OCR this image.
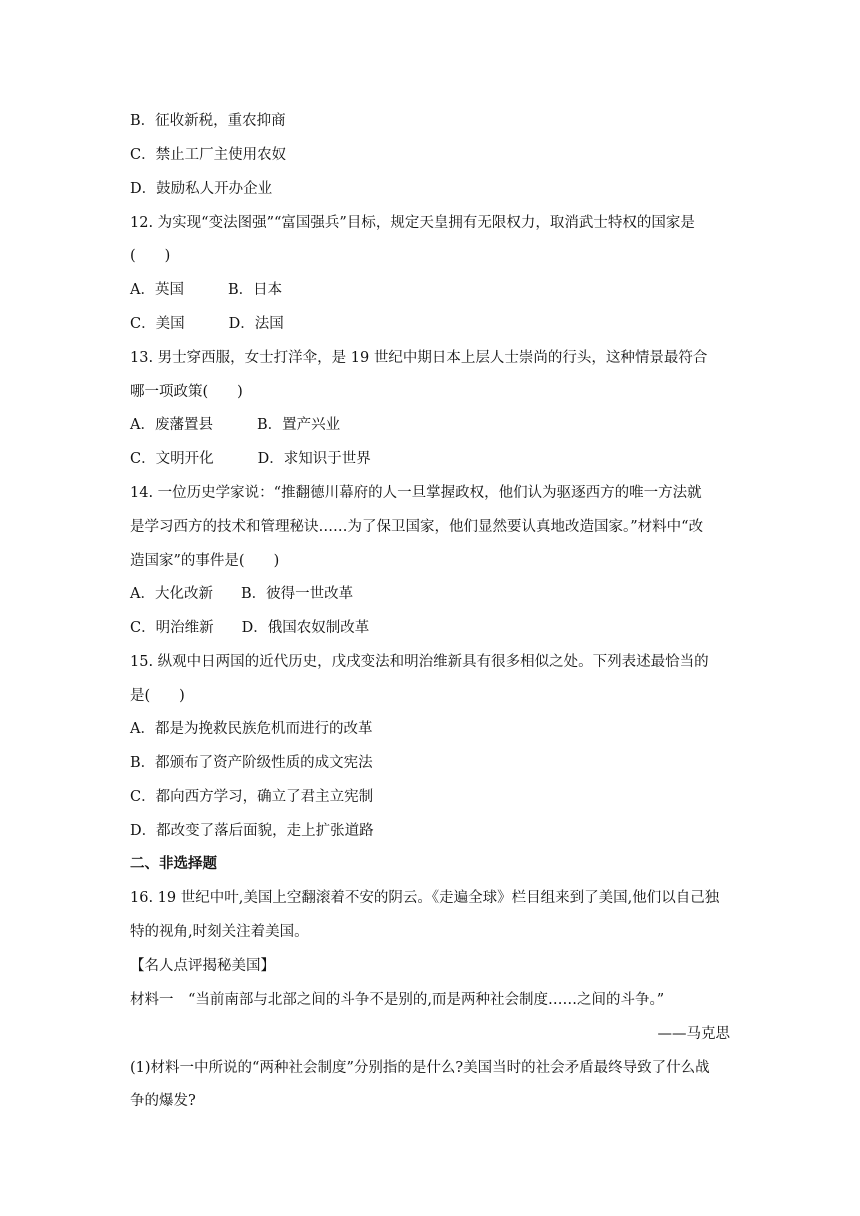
B．征收新税，重农抑商
C．禁止工厂主使用农奴
D．鼓励私人开办企业
12. 为实现“变法图强”“富国强兵”目标，规定天皇拥有无限权力，取消武士特权的国家是
(　　)
A．英国	B．日本
C．美国	D．法国
13. 男士穿西服，女士打洋伞，是 19 世纪中期日本上层人士崇尚的行头，这种情景最符合
哪一项政策(　　)
A．废藩置县	B．置产兴业
C．文明开化	D．求知识于世界
14. 一位历史学家说：“推翻德川幕府的人一旦掌握政权，他们认为驱逐西方的唯一方法就
是学习西方的技术和管理秘诀……为了保卫国家，他们显然要认真地改造国家。”材料中“改
造国家”的事件是(　　)
A．大化改新 B．彼得一世改革
C．明治维新 D．俄国农奴制改革
15. 纵观中日两国的近代历史，戊戌变法和明治维新具有很多相似之处。下列表述最恰当的
是(　　)
A．都是为挽救民族危机而进行的改革
B．都颁布了资产阶级性质的成文宪法
C．都向西方学习，确立了君主立宪制
D．都改变了落后面貌，走上扩张道路
二、非选择题
16. 19 世纪中叶,美国上空翻滚着不安的阴云。《走遍全球》栏目组来到了美国,他们以自己独
特的视角,时刻关注着美国。
【名人点评揭秘美国】
材料一　“当前南部与北部之间的斗争不是别的,而是两种社会制度……之间的斗争。”
——马克思
(1)材料一中所说的“两种社会制度”分别指的是什么?美国当时的社会矛盾最终导致了什么战
争的爆发?
